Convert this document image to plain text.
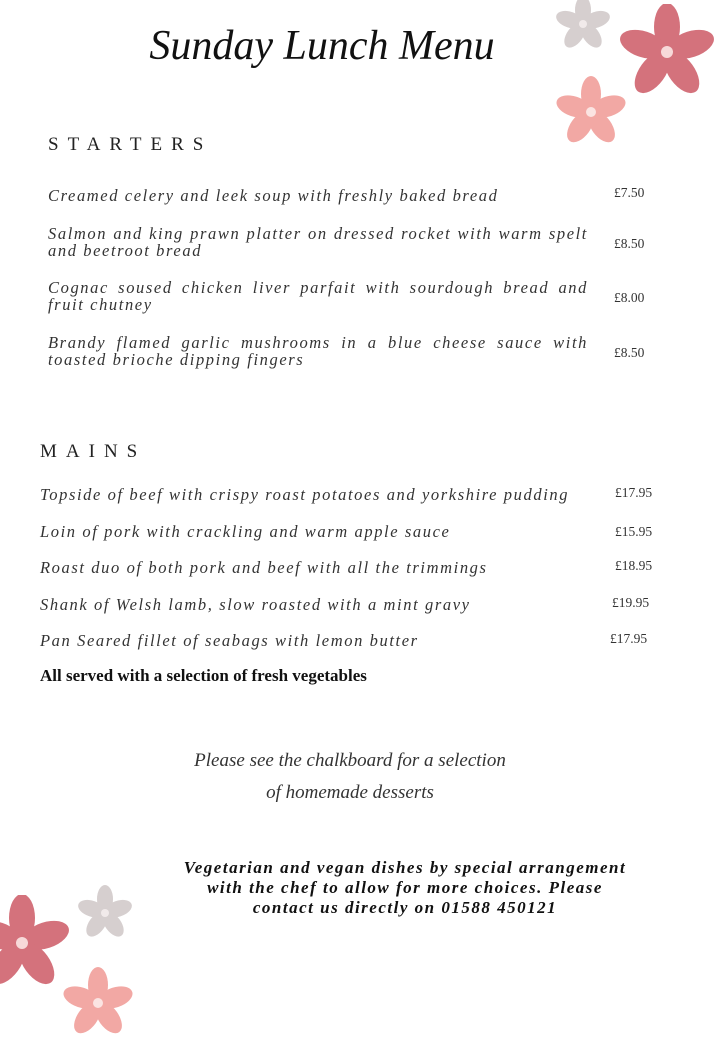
Sunday Lunch Menu
STARTERS
Creamed celery and leek soup with freshly baked bread	£7.50
Salmon and king prawn platter on dressed rocket with warm spelt and beetroot bread	£8.50
Cognac soused chicken liver parfait with sourdough bread and fruit chutney	£8.00
Brandy flamed garlic mushrooms in a blue cheese sauce with toasted brioche dipping fingers	£8.50
MAINS
Topside of beef with crispy roast potatoes and yorkshire pudding	£17.95
Loin of pork with crackling and warm apple sauce	£15.95
Roast duo of both pork and beef with all the trimmings	£18.95
Shank of Welsh lamb, slow roasted with a mint gravy	£19.95
Pan Seared fillet of seabags with lemon butter	£17.95
All served with a selection of fresh vegetables
Please see the chalkboard for a selection
of homemade desserts
Vegetarian and vegan dishes by special arrangement
with the chef to allow for more choices. Please
contact us directly on 01588 450121
